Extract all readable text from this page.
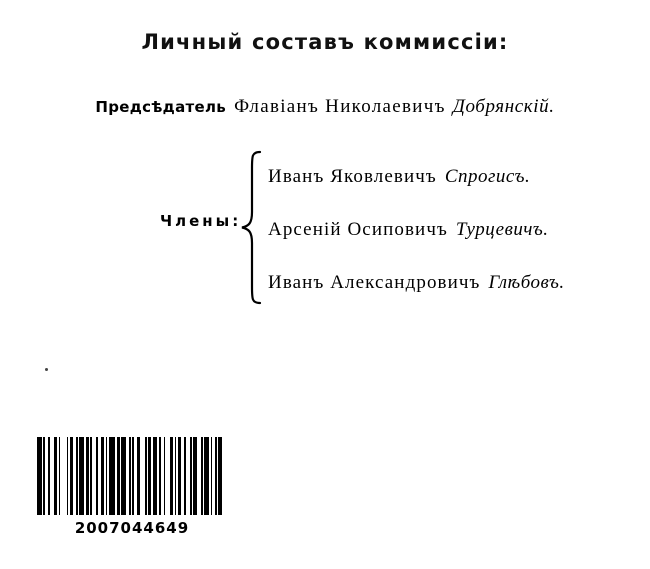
Личный составъ коммиссіи:
Предсѣдатель Флавіанъ Николаевичъ Добрянскій.
Члены:
Иванъ Яковлевичъ Спрогисъ.
Арсеній Осиповичъ Турцевичъ.
Иванъ Александровичъ Глѣбовъ.
2007044649
